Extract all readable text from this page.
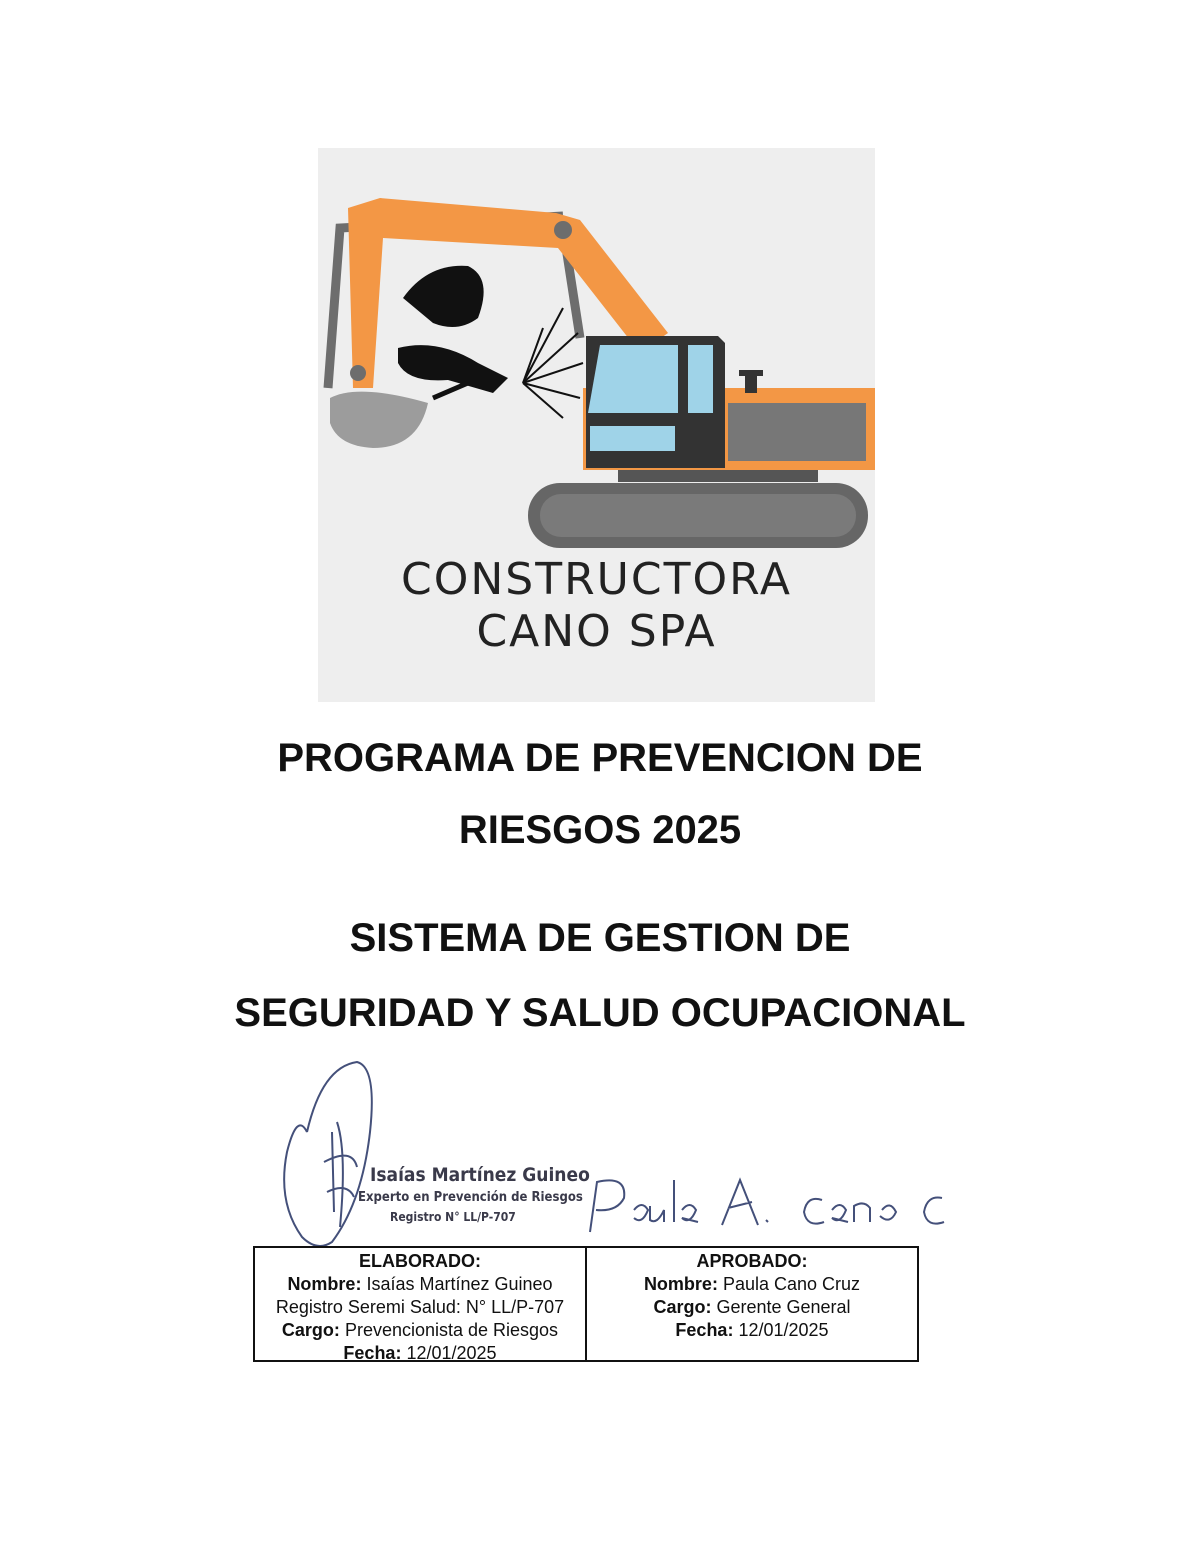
CONSTRUCTORA
CANO SPA
PROGRAMA DE PREVENCION DE
RIESGOS 2025
SISTEMA DE GESTION DE
SEGURIDAD Y SALUD OCUPACIONAL
Isaías Martínez Guineo
Experto en Prevención de Riesgos
Registro N° LL/P-707
ELABORADO:
Nombre: Isaías Martínez Guineo
Registro Seremi Salud: N° LL/P-707
Cargo: Prevencionista de Riesgos
Fecha: 12/01/2025
APROBADO:
Nombre: Paula Cano Cruz
Cargo: Gerente General
Fecha: 12/01/2025
